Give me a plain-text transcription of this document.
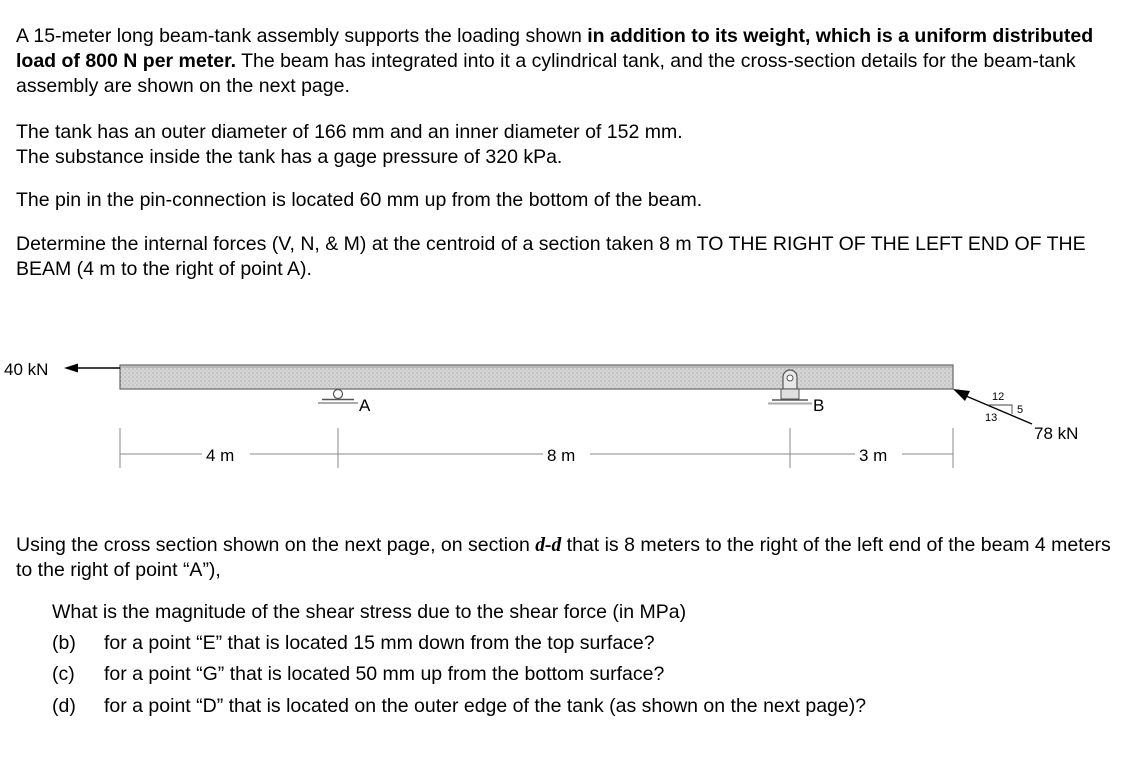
A 15-meter long beam-tank assembly supports the loading shown in addition to its weight, which is a uniform distributed load of 800 N per meter. The beam has integrated into it a cylindrical tank, and the cross-section details for the beam-tank assembly are shown on the next page.

The tank has an outer diameter of 166 mm and an inner diameter of 152 mm.
The substance inside the tank has a gage pressure of 320 kPa.

The pin in the pin-connection is located 60 mm up from the bottom of the beam.

Determine the internal forces (V, N, & M) at the centroid of a section taken 8 m TO THE RIGHT OF THE LEFT END OF THE BEAM (4 m to the right of point A).

40 kN
A	B
78 kN
12
5
13
4 m	8 m	3 m

Using the cross section shown on the next page, on section d-d that is 8 meters to the right of the left end of the beam 4 meters to the right of point “A”),

What is the magnitude of the shear stress due to the shear force (in MPa)

(b) for a point “E” that is located 15 mm down from the top surface?

(c) for a point “G” that is located 50 mm up from the bottom surface?

(d) for a point “D” that is located on the outer edge of the tank (as shown on the next page)?
